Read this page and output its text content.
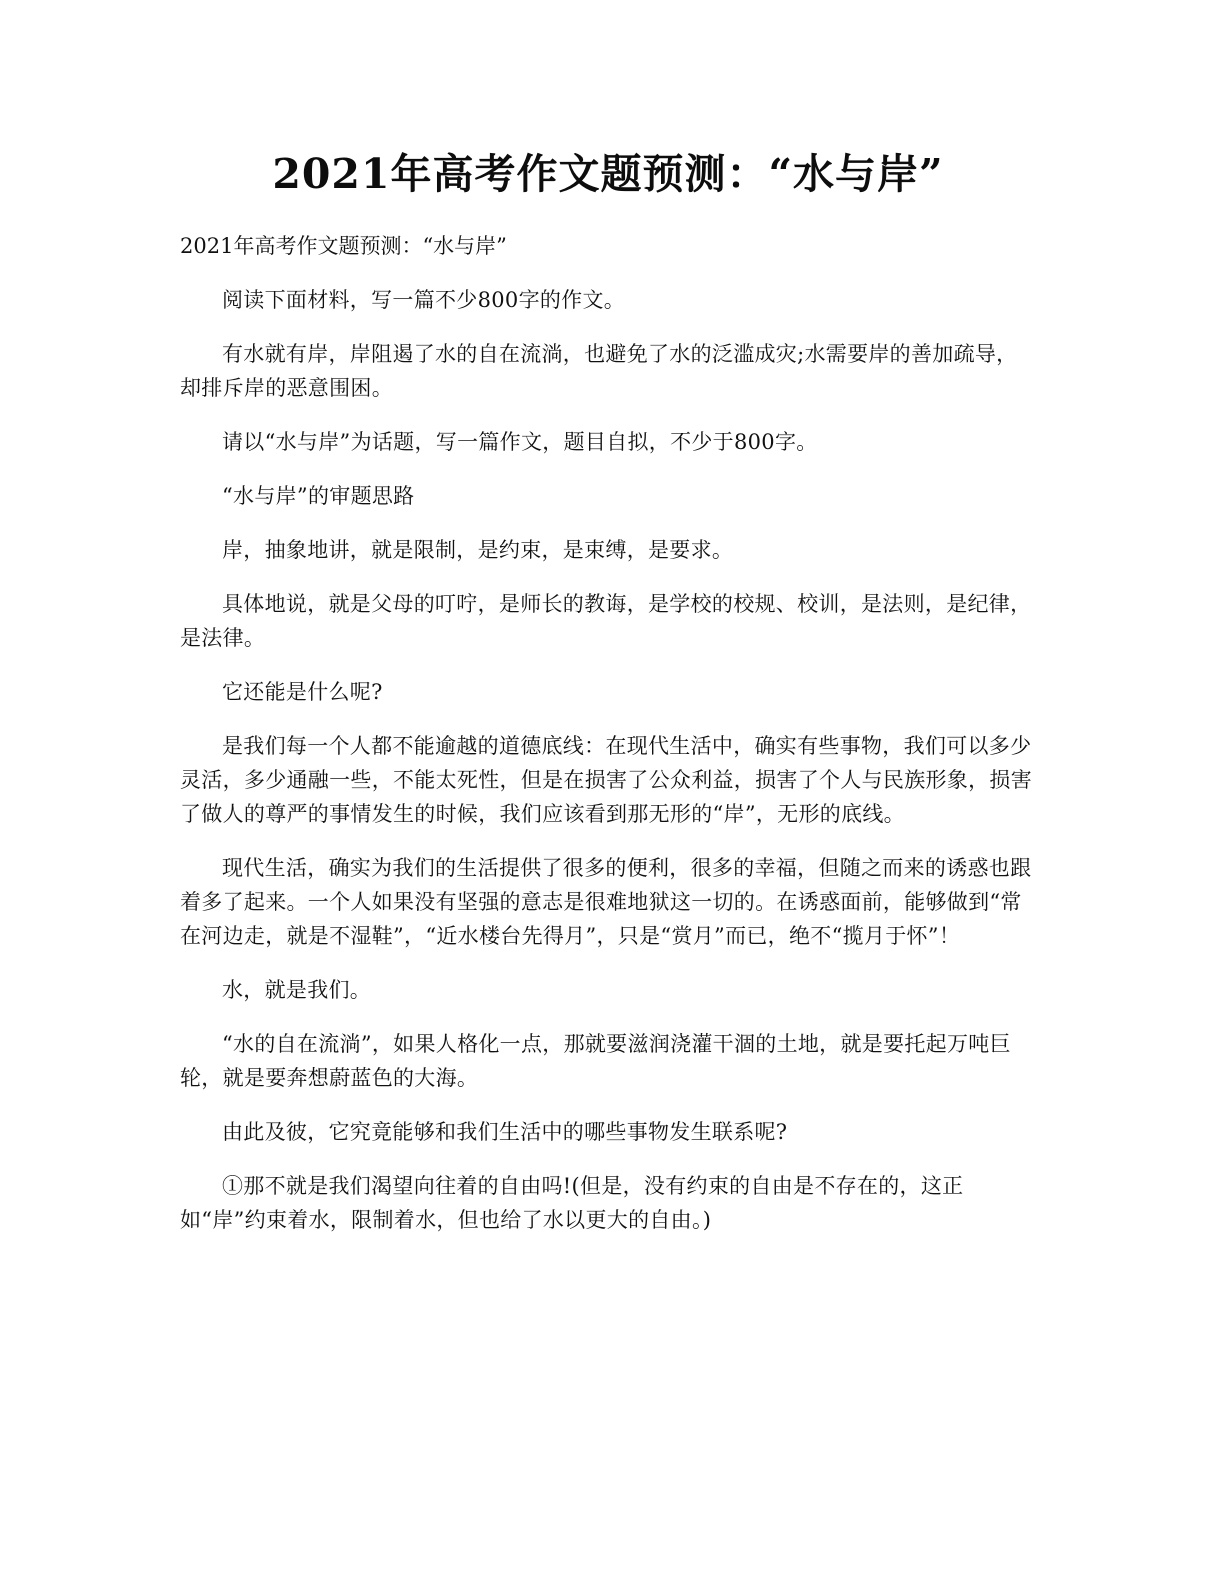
2021年高考作文题预测：“水与岸”

2021年高考作文题预测：“水与岸”

阅读下面材料，写一篇不少800字的作文。

有水就有岸，岸阻遏了水的自在流淌，也避免了水的泛滥成灾;水需要岸的善加疏导，却排斥岸的恶意围困。

请以“水与岸”为话题，写一篇作文，题目自拟，不少于800字。

“水与岸”的审题思路

岸，抽象地讲，就是限制，是约束，是束缚，是要求。

具体地说，就是父母的叮咛，是师长的教诲，是学校的校规、校训，是法则，是纪律，是法律。

它还能是什么呢?

是我们每一个人都不能逾越的道德底线：在现代生活中，确实有些事物，我们可以多少灵活，多少通融一些，不能太死性，但是在损害了公众利益，损害了个人与民族形象，损害了做人的尊严的事情发生的时候，我们应该看到那无形的“岸”，无形的底线。

现代生活，确实为我们的生活提供了很多的便利，很多的幸福，但随之而来的诱惑也跟着多了起来。一个人如果没有坚强的意志是很难地狱这一切的。在诱惑面前，能够做到“常在河边走，就是不湿鞋”，“近水楼台先得月”，只是“赏月”而已，绝不“揽月于怀”！

水，就是我们。

“水的自在流淌”，如果人格化一点，那就要滋润浇灌干涸的土地，就是要托起万吨巨轮，就是要奔想蔚蓝色的大海。

由此及彼，它究竟能够和我们生活中的哪些事物发生联系呢?

①那不就是我们渴望向往着的自由吗!(但是，没有约束的自由是不存在的，这正如“岸”约束着水，限制着水，但也给了水以更大的自由。)
